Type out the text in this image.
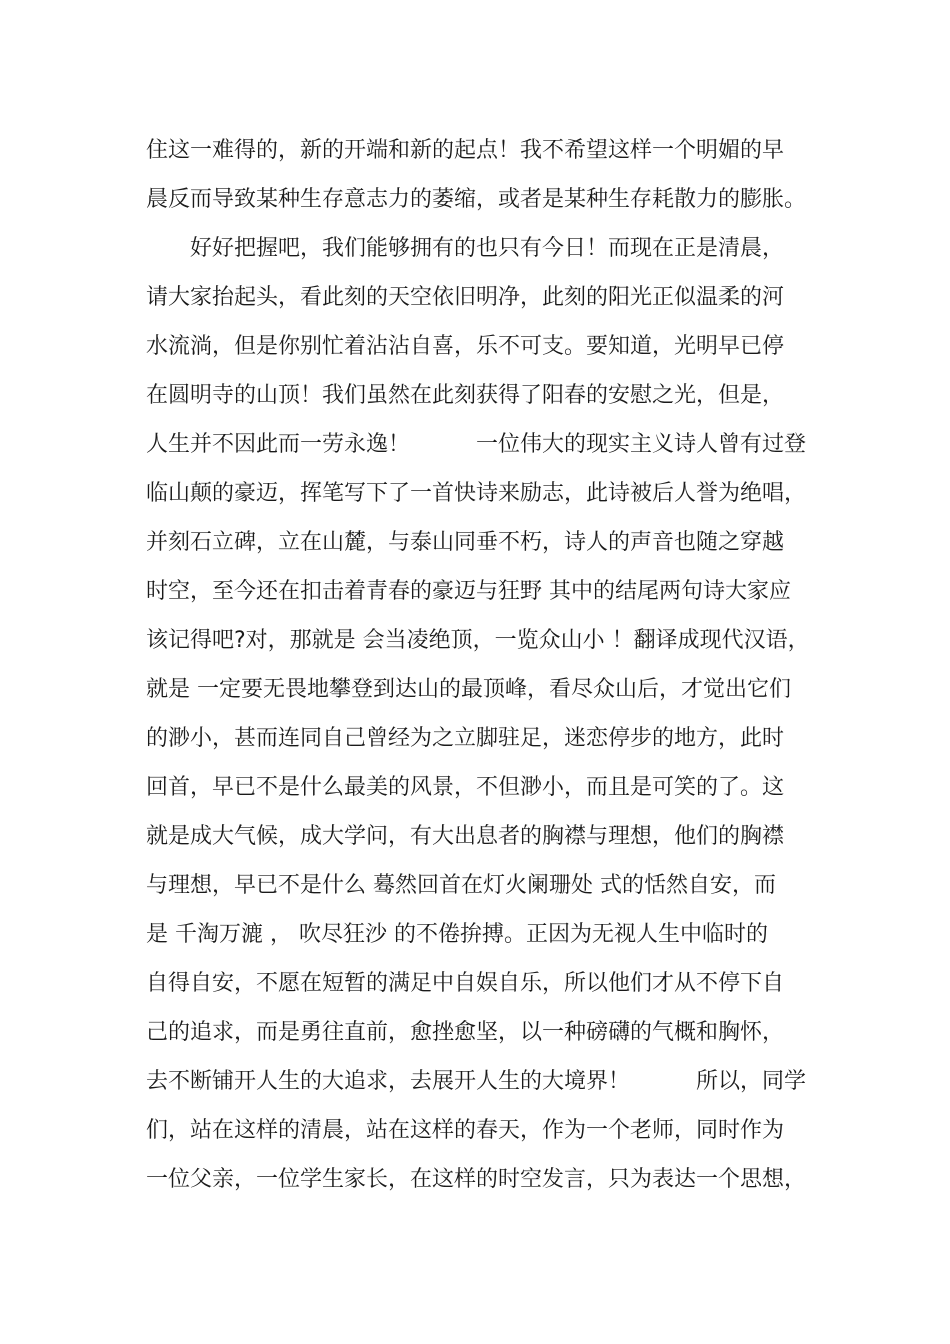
住这一难得的，新的开端和新的起点！我不希望这样一个明媚的早
晨反而导致某种生存意志力的萎缩，或者是某种生存耗散力的膨胀。
　　好好把握吧，我们能够拥有的也只有今日！而现在正是清晨，
请大家抬起头，看此刻的天空依旧明净，此刻的阳光正似温柔的河
水流淌，但是你别忙着沾沾自喜，乐不可支。要知道，光明早已停
在圆明寺的山顶！我们虽然在此刻获得了阳春的安慰之光，但是，
人生并不因此而一劳永逸！　　　一位伟大的现实主义诗人曾有过登
临山颠的豪迈，挥笔写下了一首快诗来励志，此诗被后人誉为绝唱，
并刻石立碑，立在山麓，与泰山同垂不朽，诗人的声音也随之穿越
时空，至今还在扣击着青春的豪迈与狂野 其中的结尾两句诗大家应
该记得吧?对，那就是 会当凌绝顶，一览众山小 ！翻译成现代汉语，
就是 一定要无畏地攀登到达山的最顶峰，看尽众山后，才觉出它们
的渺小，甚而连同自己曾经为之立脚驻足，迷恋停步的地方，此时
回首，早已不是什么最美的风景，不但渺小，而且是可笑的了。这
就是成大气候，成大学问，有大出息者的胸襟与理想，他们的胸襟
与理想，早已不是什么 蓦然回首在灯火阑珊处 式的恬然自安，而
是 千淘万漉 ， 吹尽狂沙 的不倦拚搏。正因为无视人生中临时的
自得自安，不愿在短暂的满足中自娱自乐，所以他们才从不停下自
己的追求，而是勇往直前，愈挫愈坚，以一种磅礴的气概和胸怀，
去不断铺开人生的大追求，去展开人生的大境界！　　　所以，同学
们，站在这样的清晨，站在这样的春天，作为一个老师，同时作为
一位父亲，一位学生家长，在这样的时空发言，只为表达一个思想，
